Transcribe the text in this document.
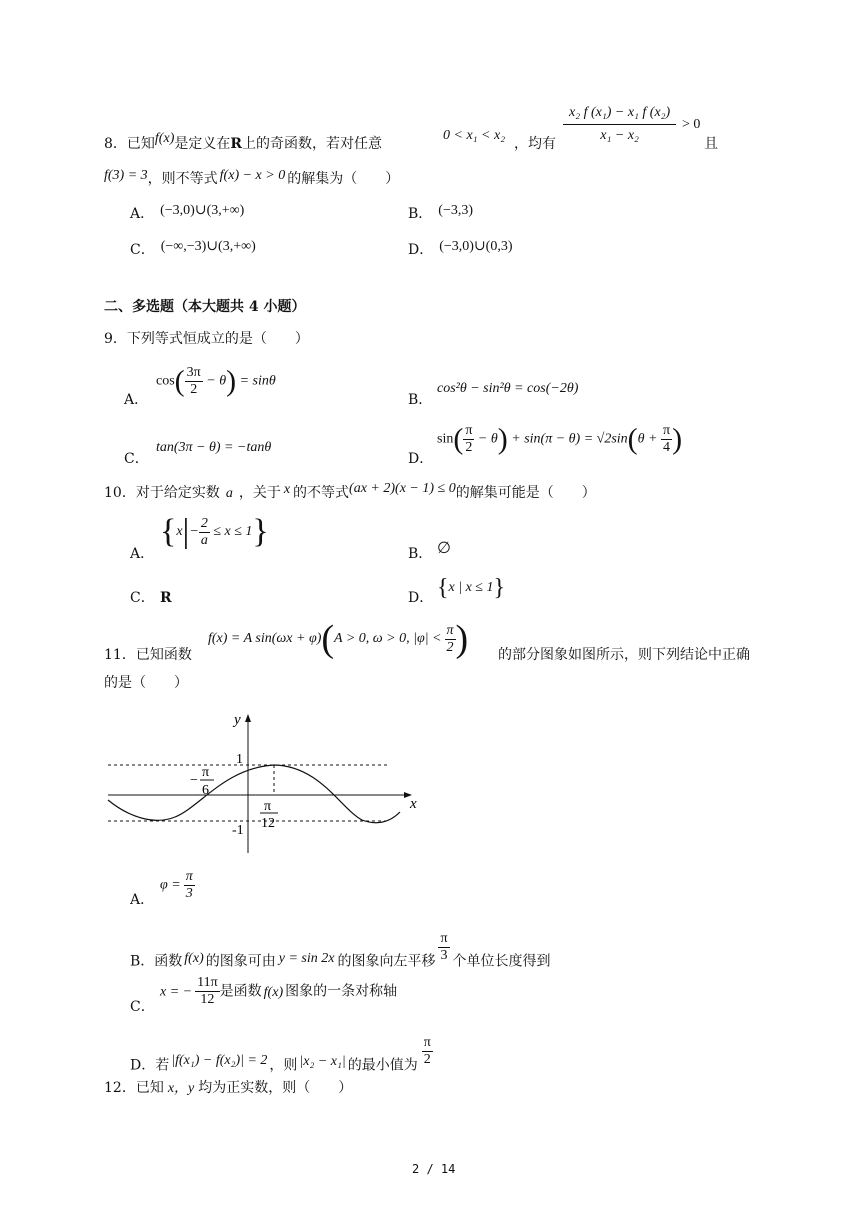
8．已知f(x)是定义在R上的奇函数，若对任意
0 < x₁ < x₂
，均有
$\frac{\text{x₂ f (x₁) − x₁ f (x₂)}}{\text{x₁ − x₂}} > 0$
且
f(3) = 3，则不等式 f(x) − x > 0 的解集为（　　）
A． (−3,0)∪(3,+∞)	B． (−3,3)
C． (−∞,−3)∪(3,+∞)	D． (−3,0)∪(0,3)
二、多选题（本大题共 4 小题）
9．下列等式恒成立的是（　　）
A．
$\cos( \frac{3\pi}{2} - \theta) = \sin\theta$
B．
cos²θ − sin²θ = cos(−2θ)
C．
tan(3π − θ) = −tanθ
D．
$\sin( \frac{\pi}{2} - \theta) + \sin(\pi - \theta) = √2\sin(\theta + \frac{\pi}{4}$ )
10．对于给定实数 a ，关于 x 的不等式(ax + 2)(x − 1) ≤ 0的解集可能是（　　）
A．
$\{x|- \frac{2}{a} \le x \le 1\}$
B． ∅
C． R	D． {x | x ≤ 1}
11．已知函数
f(x) = A sin(ωx + φ)(A > 0, ω > 0, $|\varphi| < \frac{\pi}{2}$ ) 的部分图象如图所示，则下列结论中正确
的是（　　）
y
x
1
-1
−
π
6
π
12
A．
$\varphi = \frac{\pi}{3}$
B．函数 f(x) 的图象可由 y = sin 2x 的图象向左平移 $\frac{\pi}{3}$ 个单位长度得到
C．
x = − $\frac{11\pi}{12}$ 是函数 f(x) 图象的一条对称轴
D．若 |f(x₁) − f(x₂)| = 2 ，则 |x₂ − x₁| 的最小值为 $\frac{\pi}{2}$
12．已知 x，y 均为正实数，则（　　）
2 / 14
